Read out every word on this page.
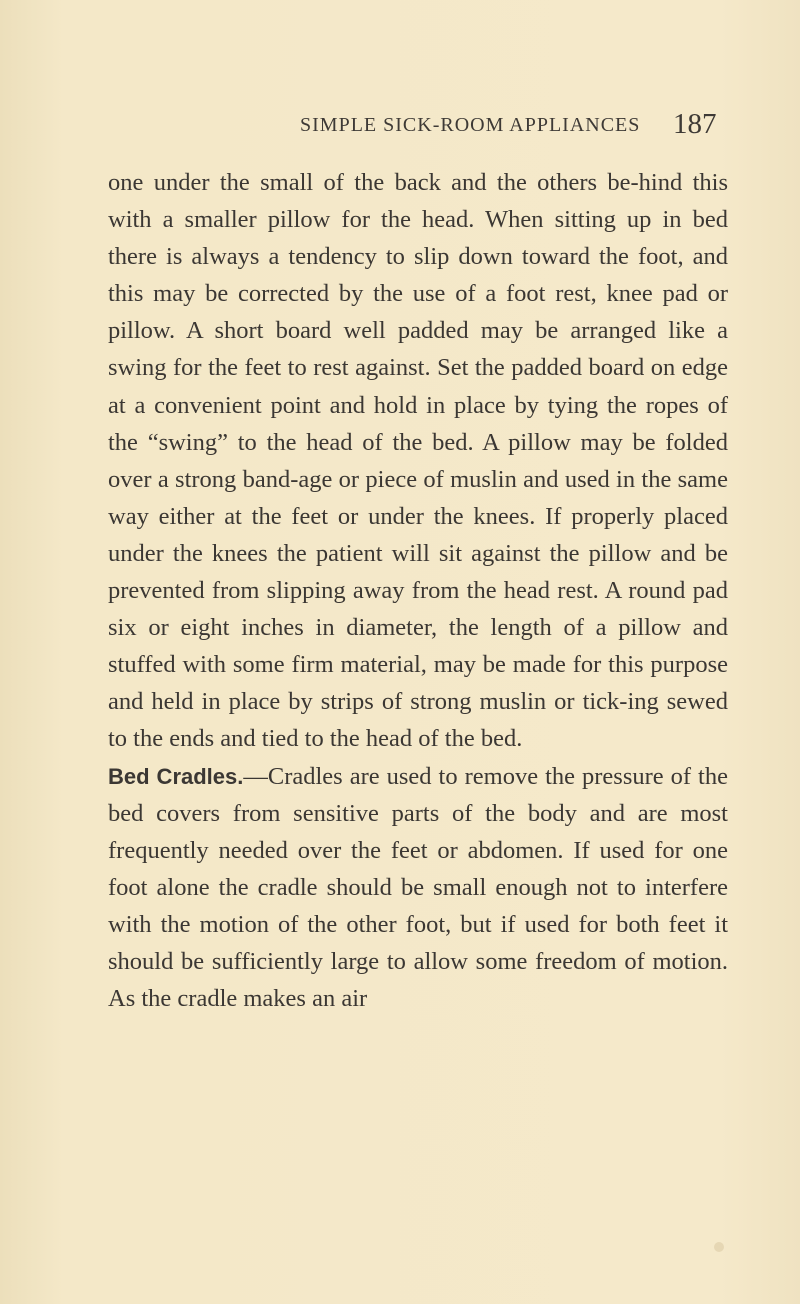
SIMPLE SICK-ROOM APPLIANCES 187

one under the small of the back and the others be-hind this with a smaller pillow for the head. When sitting up in bed there is always a tendency to slip down toward the foot, and this may be corrected by the use of a foot rest, knee pad or pillow. A short board well padded may be arranged like a swing for the feet to rest against. Set the padded board on edge at a convenient point and hold in place by tying the ropes of the “swing” to the head of the bed. A pillow may be folded over a strong band-age or piece of muslin and used in the same way either at the feet or under the knees. If properly placed under the knees the patient will sit against the pillow and be prevented from slipping away from the head rest. A round pad six or eight inches in diameter, the length of a pillow and stuffed with some firm material, may be made for this purpose and held in place by strips of strong muslin or tick-ing sewed to the ends and tied to the head of the bed.

Bed Cradles.—Cradles are used to remove the pressure of the bed covers from sensitive parts of the body and are most frequently needed over the feet or abdomen. If used for one foot alone the cradle should be small enough not to interfere with the motion of the other foot, but if used for both feet it should be sufficiently large to allow some freedom of motion. As the cradle makes an air
